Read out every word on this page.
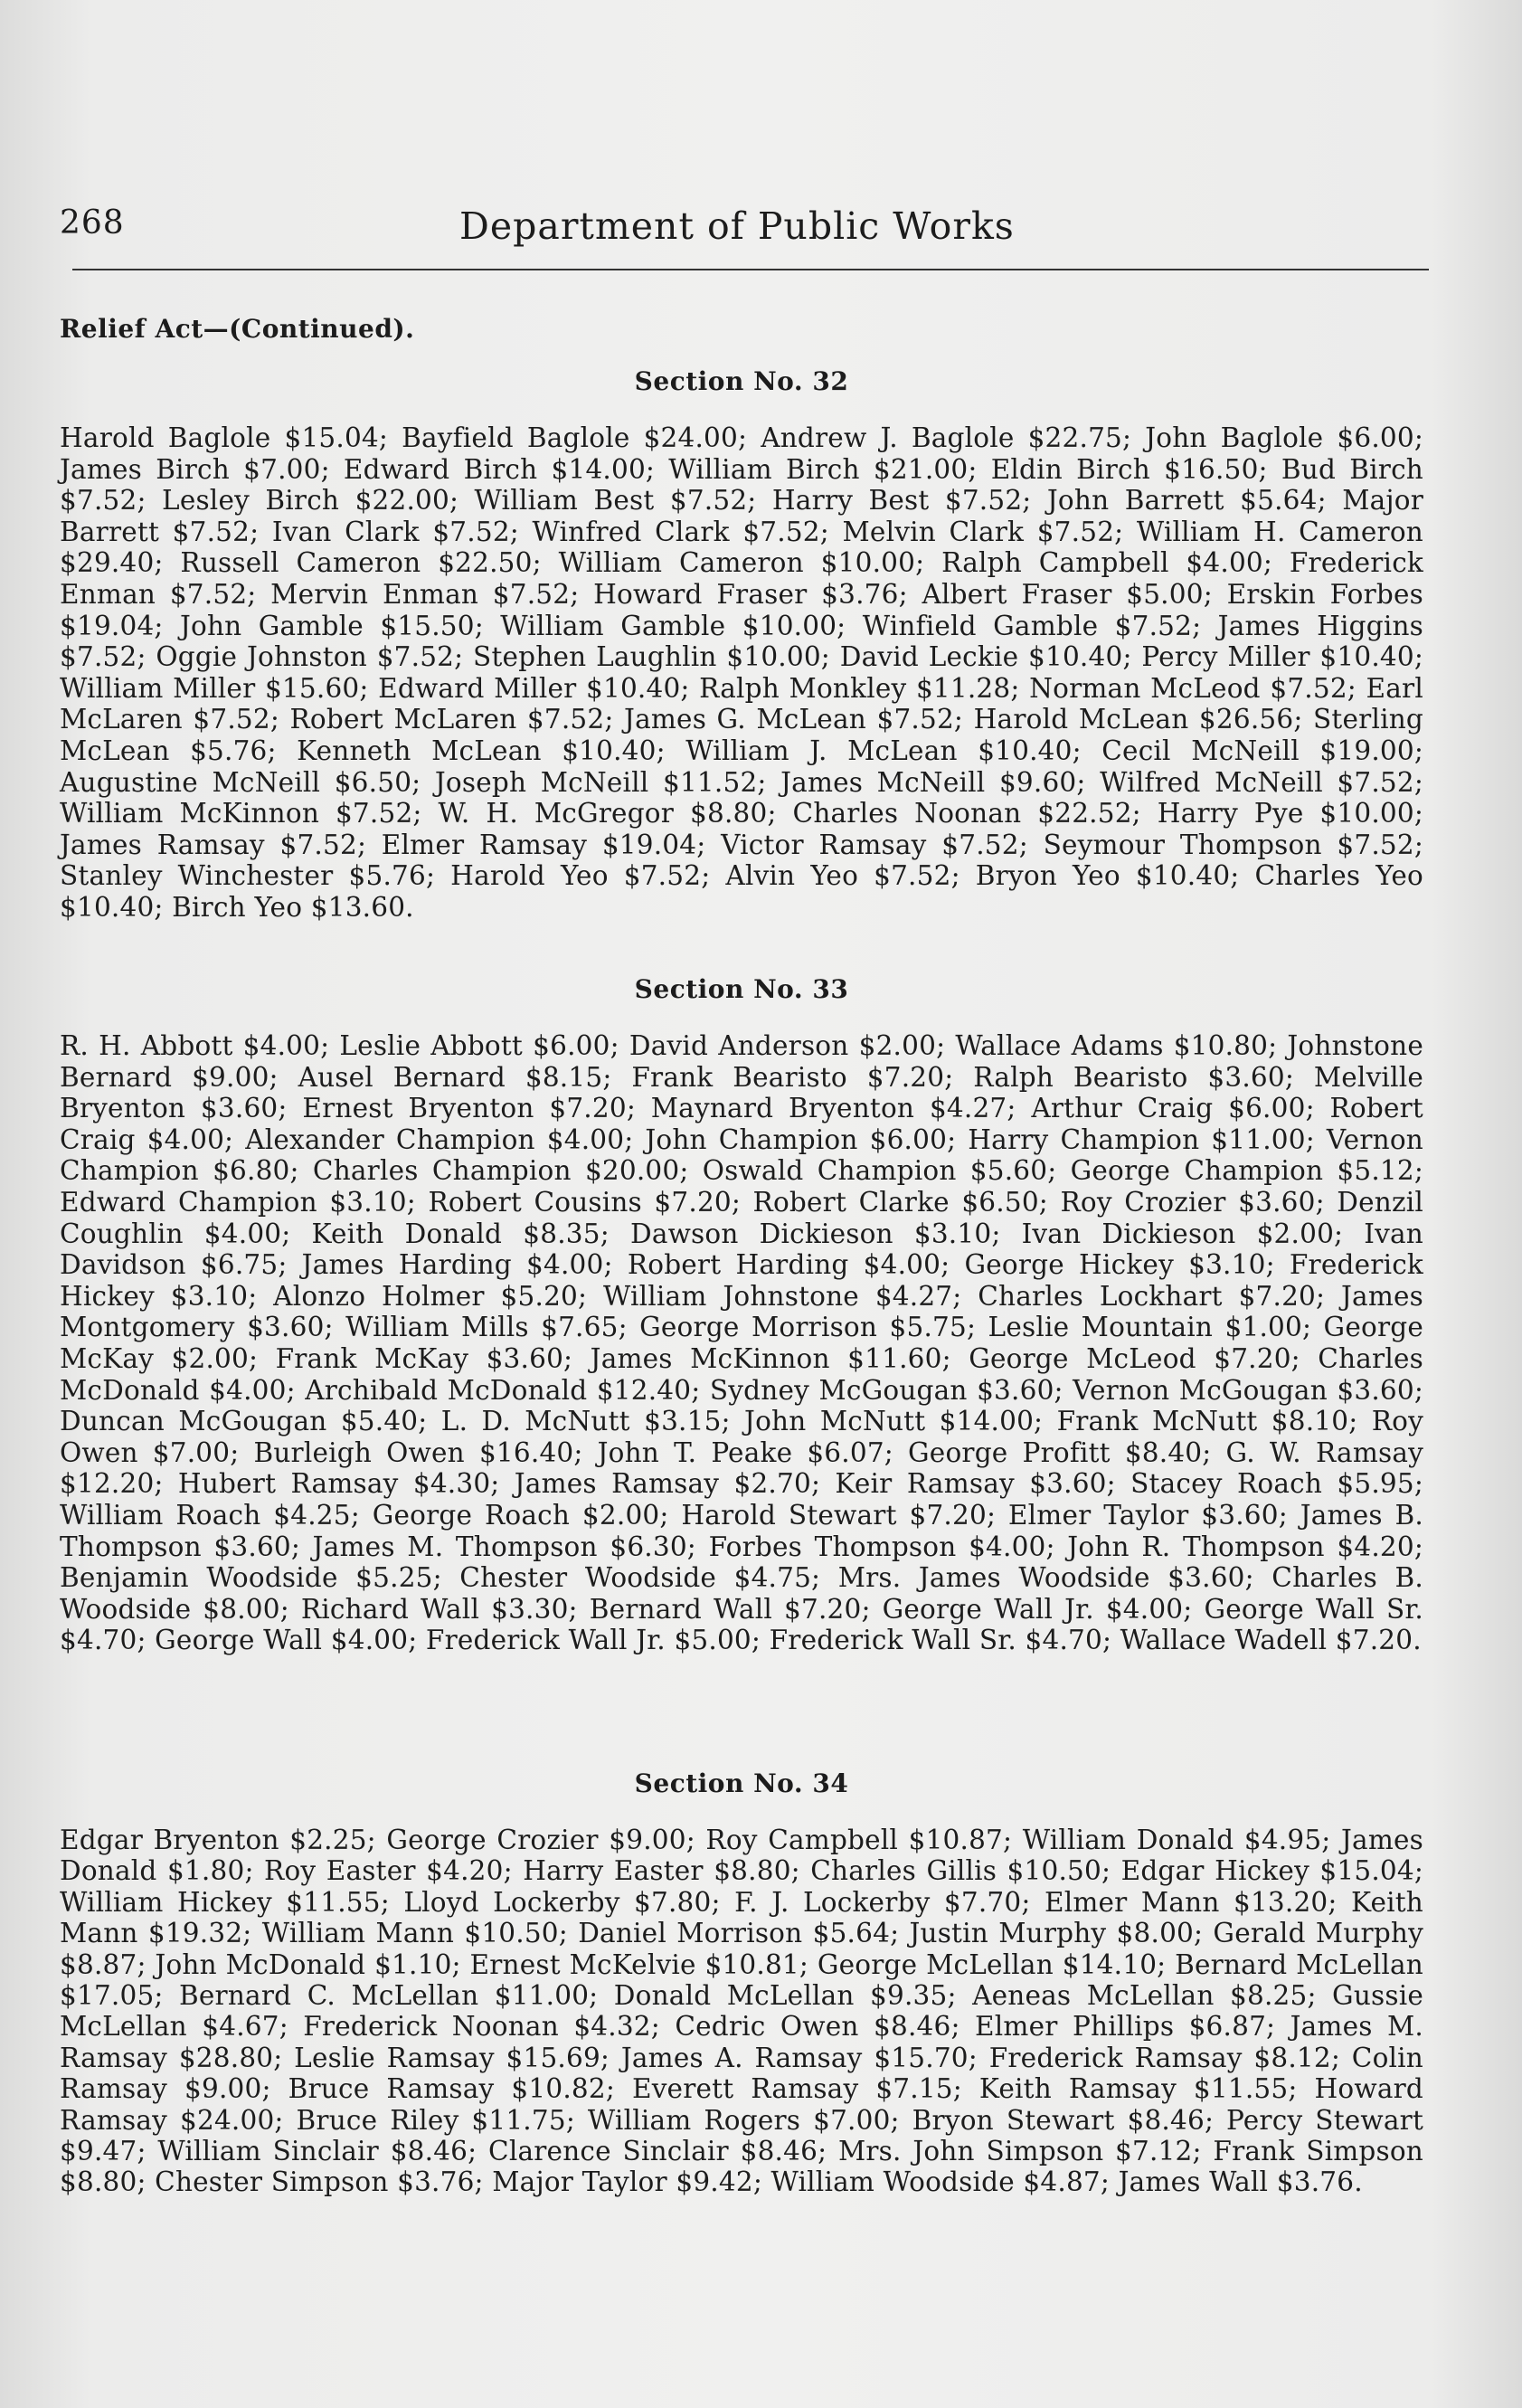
268	Department of Public Works
Relief Act—(Continued).
Section No. 32

Harold Baglole $15.04; Bayfield Baglole $24.00; Andrew J. Baglole $22.75; John Baglole $6.00; James Birch $7.00; Edward Birch $14.00; William Birch $21.00; Eldin Birch $16.50; Bud Birch $7.52; Lesley Birch $22.00; William Best $7.52; Harry Best $7.52; John Barrett $5.64; Major Barrett $7.52; Ivan Clark $7.52; Winfred Clark $7.52; Melvin Clark $7.52; William H. Cameron $29.40; Russell Cameron $22.50; William Cameron $10.00; Ralph Campbell $4.00; Frederick Enman $7.52; Mervin Enman $7.52; Howard Fraser $3.76; Albert Fraser $5.00; Erskin Forbes $19.04; John Gamble $15.50; William Gamble $10.00; Winfield Gamble $7.52; James Higgins $7.52; Oggie Johnston $7.52; Stephen Laughlin $10.00; David Leckie $10.40; Percy Miller $10.40; William Miller $15.60; Edward Miller $10.40; Ralph Monkley $11.28; Norman McLeod $7.52; Earl McLaren $7.52; Robert McLaren $7.52; James G. McLean $7.52; Harold McLean $26.56; Sterling McLean $5.76; Kenneth McLean $10.40; William J. McLean $10.40; Cecil McNeill $19.00; Augustine McNeill $6.50; Joseph McNeill $11.52; James McNeill $9.60; Wilfred McNeill $7.52; William McKinnon $7.52; W. H. McGregor $8.80; Charles Noonan $22.52; Harry Pye $10.00; James Ramsay $7.52; Elmer Ramsay $19.04; Victor Ramsay $7.52; Seymour Thompson $7.52; Stanley Winchester $5.76; Harold Yeo $7.52; Alvin Yeo $7.52; Bryon Yeo $10.40; Charles Yeo $10.40; Birch Yeo $13.60.

Section No. 33

R. H. Abbott $4.00; Leslie Abbott $6.00; David Anderson $2.00; Wallace Adams $10.80; Johnstone Bernard $9.00; Ausel Bernard $8.15; Frank Bearisto $7.20; Ralph Bearisto $3.60; Melville Bryenton $3.60; Ernest Bryenton $7.20; Maynard Bryenton $4.27; Arthur Craig $6.00; Robert Craig $4.00; Alexander Champion $4.00; John Champion $6.00; Harry Champion $11.00; Vernon Champion $6.80; Charles Champion $20.00; Oswald Champion $5.60; George Champion $5.12; Edward Champion $3.10; Robert Cousins $7.20; Robert Clarke $6.50; Roy Crozier $3.60; Denzil Coughlin $4.00; Keith Donald $8.35; Dawson Dickieson $3.10; Ivan Dickieson $2.00; Ivan Davidson $6.75; James Harding $4.00; Robert Harding $4.00; George Hickey $3.10; Frederick Hickey $3.10; Alonzo Holmer $5.20; William Johnstone $4.27; Charles Lockhart $7.20; James Montgomery $3.60; William Mills $7.65; George Morrison $5.75; Leslie Mountain $1.00; George McKay $2.00; Frank McKay $3.60; James McKinnon $11.60; George McLeod $7.20; Charles McDonald $4.00; Archibald McDonald $12.40; Sydney McGougan $3.60; Vernon McGougan $3.60; Duncan McGougan $5.40; L. D. McNutt $3.15; John McNutt $14.00; Frank McNutt $8.10; Roy Owen $7.00; Burleigh Owen $16.40; John T. Peake $6.07; George Profitt $8.40; G. W. Ramsay $12.20; Hubert Ramsay $4.30; James Ramsay $2.70; Keir Ramsay $3.60; Stacey Roach $5.95; William Roach $4.25; George Roach $2.00; Harold Stewart $7.20; Elmer Taylor $3.60; James B. Thompson $3.60; James M. Thompson $6.30; Forbes Thompson $4.00; John R. Thompson $4.20; Benjamin Woodside $5.25; Chester Woodside $4.75; Mrs. James Woodside $3.60; Charles B. Woodside $8.00; Richard Wall $3.30; Bernard Wall $7.20; George Wall Jr. $4.00; George Wall Sr. $4.70; George Wall $4.00; Frederick Wall Jr. $5.00; Frederick Wall Sr. $4.70; Wallace Wadell $7.20.

Section No. 34

Edgar Bryenton $2.25; George Crozier $9.00; Roy Campbell $10.87; William Donald $4.95; James Donald $1.80; Roy Easter $4.20; Harry Easter $8.80; Charles Gillis $10.50; Edgar Hickey $15.04; William Hickey $11.55; Lloyd Lockerby $7.80; F. J. Lockerby $7.70; Elmer Mann $13.20; Keith Mann $19.32; William Mann $10.50; Daniel Morrison $5.64; Justin Murphy $8.00; Gerald Murphy $8.87; John McDonald $1.10; Ernest McKelvie $10.81; George McLellan $14.10; Bernard McLellan $17.05; Bernard C. McLellan $11.00; Donald McLellan $9.35; Aeneas McLellan $8.25; Gussie McLellan $4.67; Frederick Noonan $4.32; Cedric Owen $8.46; Elmer Phillips $6.87; James M. Ramsay $28.80; Leslie Ramsay $15.69; James A. Ramsay $15.70; Frederick Ramsay $8.12; Colin Ramsay $9.00; Bruce Ramsay $10.82; Everett Ramsay $7.15; Keith Ramsay $11.55; Howard Ramsay $24.00; Bruce Riley $11.75; William Rogers $7.00; Bryon Stewart $8.46; Percy Stewart $9.47; William Sinclair $8.46; Clarence Sinclair $8.46; Mrs. John Simpson $7.12; Frank Simpson $8.80; Chester Simpson $3.76; Major Taylor $9.42; William Woodside $4.87; James Wall $3.76.
